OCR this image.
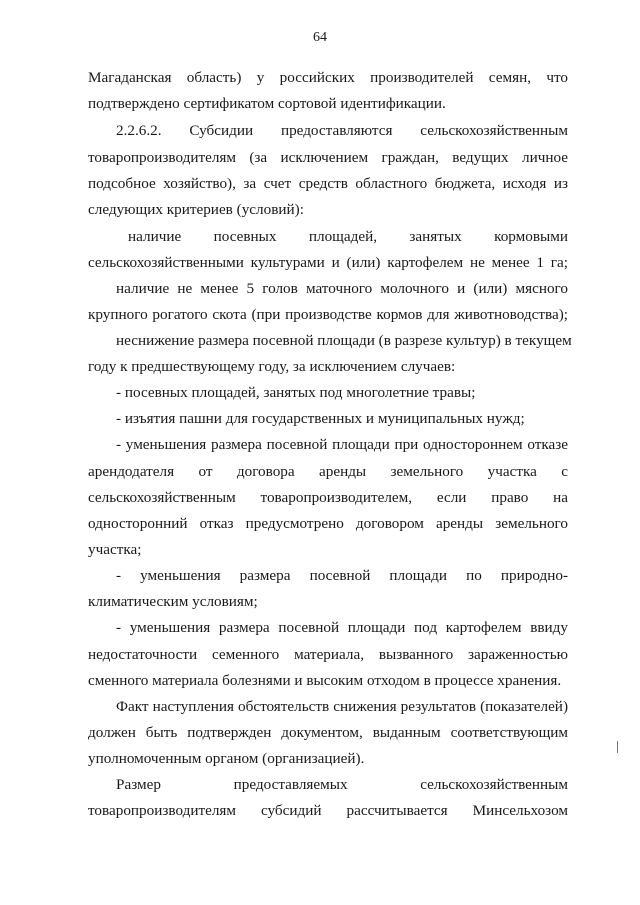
64
Магаданская область) у российских производителей семян, что
подтверждено сертификатом сортовой идентификации.
2.2.6.2. Субсидии предоставляются сельскохозяйственным
товаропроизводителям (за исключением граждан, ведущих личное
подсобное хозяйство), за счет средств областного бюджета, исходя из
следующих критериев (условий):
наличие посевных площадей, занятых кормовыми
сельскохозяйственными культурами и (или) картофелем не менее 1 га;
наличие не менее 5 голов маточного молочного и (или) мясного
крупного рогатого скота (при производстве кормов для животноводства);
неснижение размера посевной площади (в разрезе культур) в текущем
году к предшествующему году, за исключением случаев:
- посевных площадей, занятых под многолетние травы;
- изъятия пашни для государственных и муниципальных нужд;
- уменьшения размера посевной площади при одностороннем отказе
арендодателя от договора аренды земельного участка с
сельскохозяйственным товаропроизводителем, если право на
односторонний отказ предусмотрено договором аренды земельного
участка;
- уменьшения размера посевной площади по природно-
климатическим условиям;
- уменьшения размера посевной площади под картофелем ввиду
недостаточности семенного материала, вызванного зараженностью
сменного материала болезнями и высоким отходом в процессе хранения.
Факт наступления обстоятельств снижения результатов (показателей)
должен быть подтвержден документом, выданным соответствующим
уполномоченным органом (организацией).
Размер предоставляемых сельскохозяйственным
товаропроизводителям субсидий рассчитывается Минсельхозом
